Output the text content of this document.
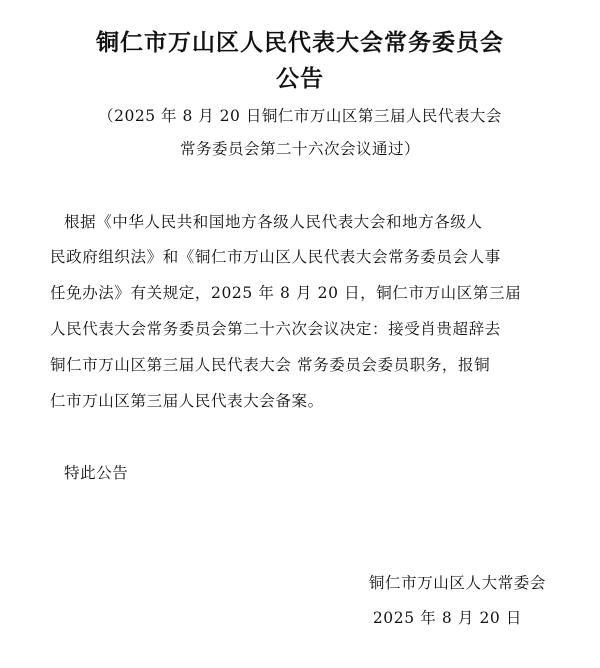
铜仁市万山区人民代表大会常务委员会
公告
（2025 年 8 月 20 日铜仁市万山区第三届人民代表大会
常务委员会第二十六次会议通过）
根据《中华人民共和国地方各级人民代表大会和地方各级人
民政府组织法》和《铜仁市万山区人民代表大会常务委员会人事
任免办法》有关规定，2025 年 8 月 20 日，铜仁市万山区第三届
人民代表大会常务委员会第二十六次会议决定：接受肖贵超辞去
铜仁市万山区第三届人民代表大会 常务委员会委员职务，报铜
仁市万山区第三届人民代表大会备案。
特此公告
铜仁市万山区人大常委会
2025 年 8 月 20 日
